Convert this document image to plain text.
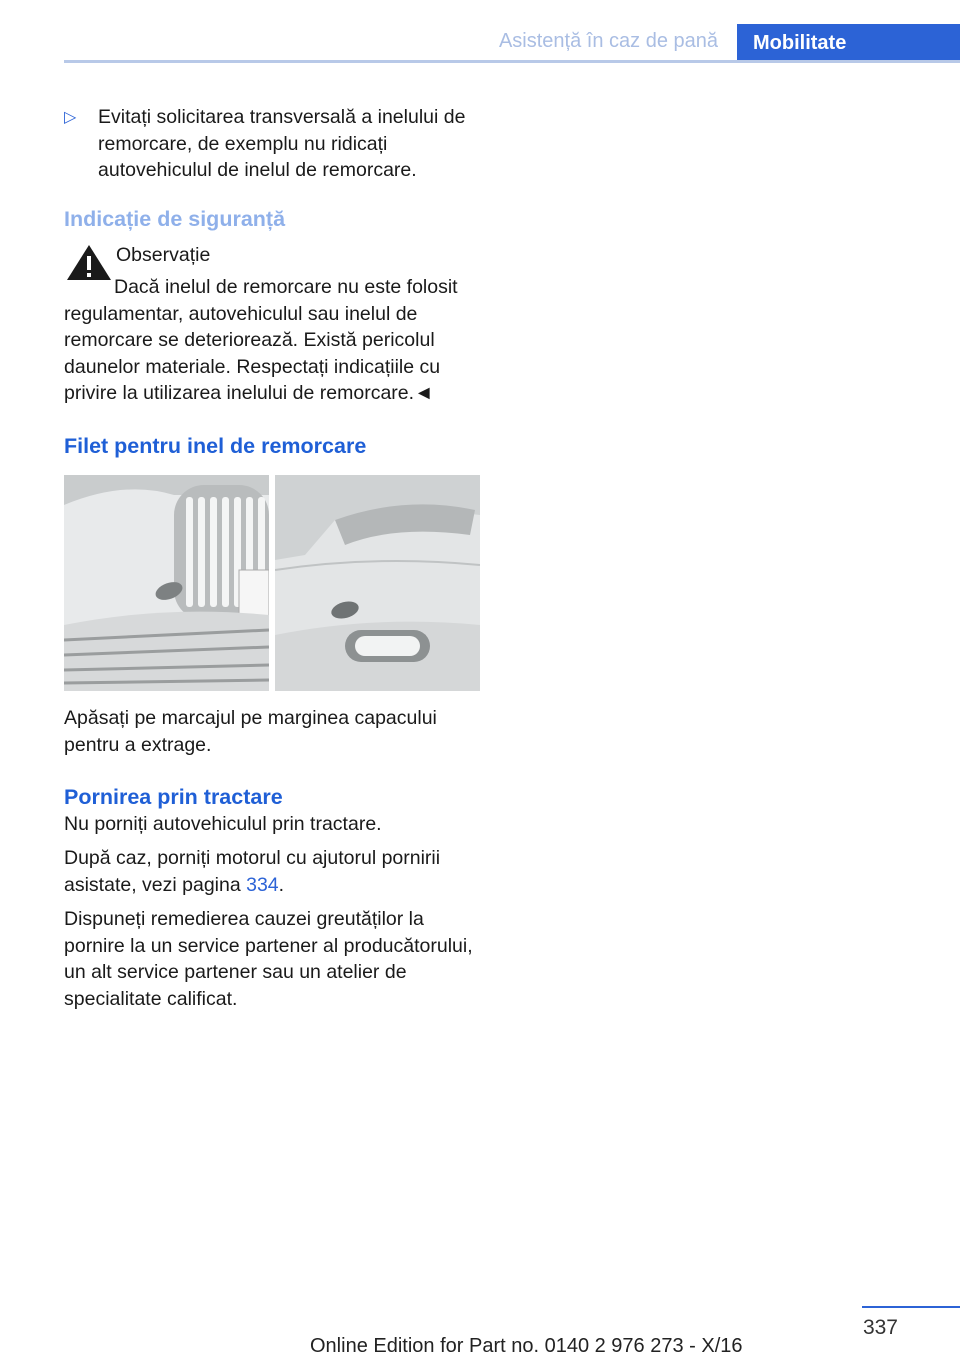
Asistență în caz de pană	Mobilitate
▷	Evitați solicitarea transversală a inelului de remorcare, de exemplu nu ridicați autovehiculul de inelul de remorcare.
Indicație de siguranță
Observație
Dacă inelul de remorcare nu este folosit regulamentar, autovehiculul sau inelul de remorcare se deteriorează. Există pericolul daunelor materiale. Respectați indicațiile cu privire la utilizarea inelului de remorcare.◄
Filet pentru inel de remorcare
Apăsați pe marcajul pe marginea capacului pentru a extrage.
Pornirea prin tractare
Nu porniți autovehiculul prin tractare.
După caz, porniți motorul cu ajutorul pornirii asistate, vezi pagina 334.
Dispuneți remedierea cauzei greutăților la pornire la un service partener al producătorului, un alt service partener sau un atelier de specialitate calificat.
337
Online Edition for Part no. 0140 2 976 273 - X/16
